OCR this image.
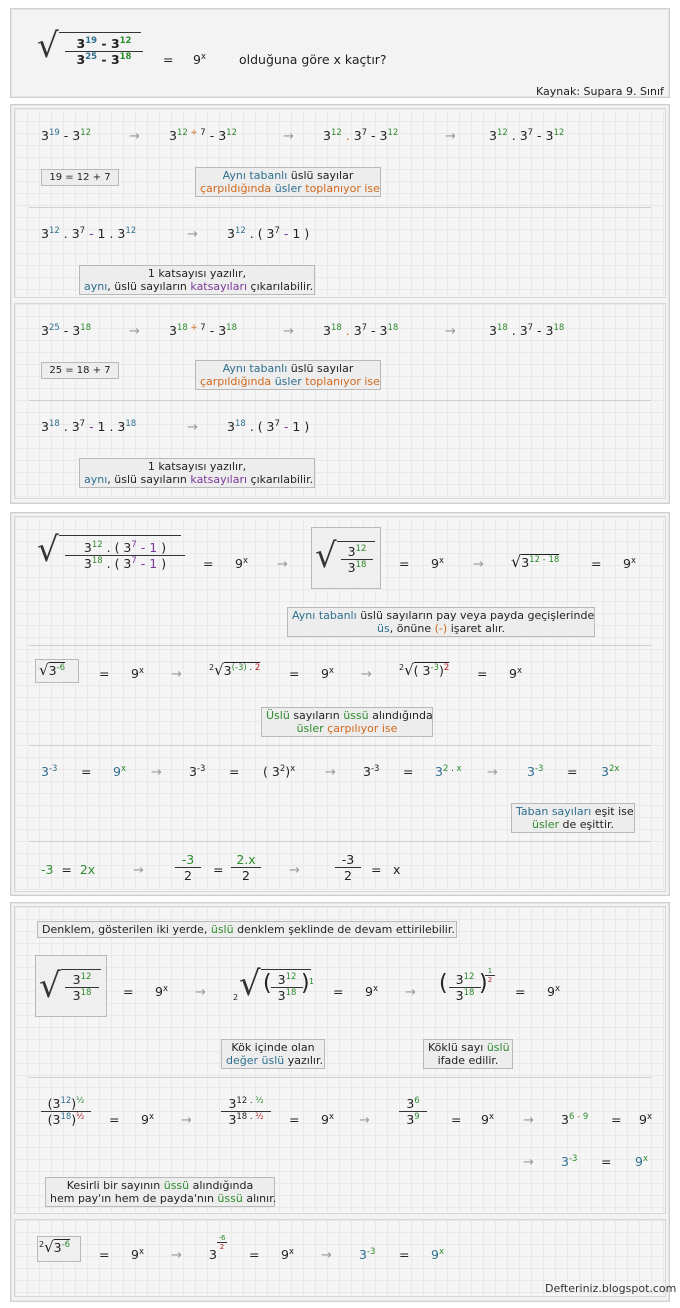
√ $\frac{3^{19} - 3^{12}}{3^{25} - 3^{18}} = 9^x$	olduğuna göre x kaçtır?
Kaynak: Supara 9. Sınıf
$3^{19} - 3^{12}$	→ $3^{12 + 7} - 3^{12}$	→ $3^{12}$ . $3^7 - 3^{12}$	→	$3^{12}$ . $3^7 - 3^{12}$
19 = 12 + 7	Aynı tabanlı üslü sayılar
çarpıldığında üsler toplanıyor ise
$3^{12}$ . $3^7 - 1$ . $3^{12}$	→ $3^{12}$ . ( $3^7 - 1$ )
1 katsayısı yazılır,
aynı, üslü sayıların katsayıları çıkarılabilir.
$3^{25} - 3^{18}$	→ $3^{18 + 7} - 3^{18}$	→ $3^{18}$ . $3^7 - 3^{18}$	→	$3^{18}$ . $3^7 - 3^{18}$
25 = 18 + 7	Aynı tabanlı üslü sayılar
çarpıldığında üsler toplanıyor ise
$3^{18}$ . $3^7 - 1$ . $3^{18}$	→ $3^{18}$ . ( $3^7 - 1$ )
1 katsayısı yazılır,
aynı, üslü sayıların katsayıları çıkarılabilir.
√ $\frac{3^{12} . ( 3^7 - 1 )}{3^{18} . ( 3^7 - 1 )} = 9^x$ → √ $\frac{3^{12}}{3^{18}} = 9^x \to √3^{12 - 18}$	= $9^x$
Aynı tabanlı üslü sayıların pay veya payda geçişlerinde
üs, önüne (-) işaret alır.
$√3^{-6}$	= $9^x$ →	$^2√3^{(-3) . 2} = 9^x$ →	$^2$√( $3^{-3})^2 = 9^x$
Üslü sayıların üssü alındığında
üsler çarpılıyor ise
$3^{-3} = 9^x \to 3^{-3}$ = ( $3^2)^x \to 3^{-3} = 3^{2 . x} \to 3^{-3} = 3^{2x}$
Taban sayıları eşit ise
üsler de eşittir.
-3  =  2x	→ $\frac{-3}{2} = \frac{2.x}{2}$ →	$\frac{-3}{2} = x$
Denklem, gösterilen iki yerde, üslü denklem şeklinde de devam ettirilebilir.
√ $\frac{3^{12}}{3^{18}} = 9^x$ →	2 √ ( $\frac{3^{12}}{3^{18}}$
) 1
= $9^x$ → ( $\frac{3^{12}}{3^{18}}$
)
$\frac{1}{2}$
= $9^x$
Kök içinde olan
değer üslü yazılır.
Köklü sayı üslü
ifade edilir.
$\frac{(3^{12})^{\frac{1}{2}}}{(3^{18})^{\frac{1}{2}}} = 9^x \to \frac{3^{12 . \frac{1}{2}}}{3^{18 . \frac{1}{2}}} = 9^x \to \frac{3^6}{3^9} = 9^x \to 3^{6 - 9} = 9^x$
→ $3^{-3} = 9^x$
Kesirli bir sayının üssü alındığında
hem pay'ın hem de payda'nın üssü alınır.
$^2√3^{-6}$
= $9^x \to 3$
$\frac{-6}{2}$
= $9^x \to 3^{-3} = 9^x$
Defteriniz.blogspot.com
